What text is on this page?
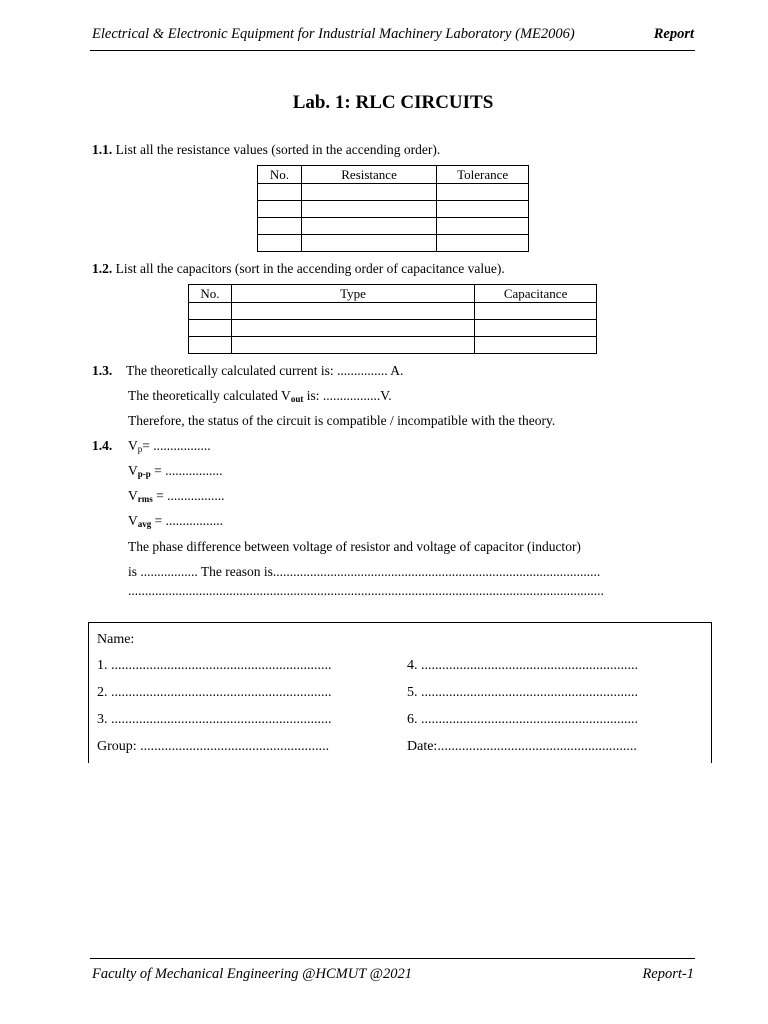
Electrical & Electronic Equipment for Industrial Machinery Laboratory (ME2006)	Report
Lab. 1: RLC CIRCUITS
1.1. List all the resistance values (sorted in the accending order).
No.	Resistance	Tolerance

1.2. List all the capacitors (sort in the accending order of capacitance value).
No.	Type	Capacitance

1.3. The theoretically calculated current is: ............... A.
The theoretically calculated $V_{out}$ is: .................V.
Therefore, the status of the circuit is compatible / incompatible with the theory.
1.4. $V_p=$ .................
$V_{p-p}$ = .................
$V_{rms}$ = .................
$V_{avg}$ = .................
The phase difference between voltage of resistor and voltage of capacitor (inductor)
is ................. The reason is.................................................................................................
.............................................................................................................................................
Name:
1. ...............................................................
2. ...............................................................
3. ...............................................................
Group: ......................................................
4. ..............................................................
5. ..............................................................
6. ..............................................................
Date:.........................................................
Faculty of Mechanical Engineering @HCMUT @2021	Report-1
